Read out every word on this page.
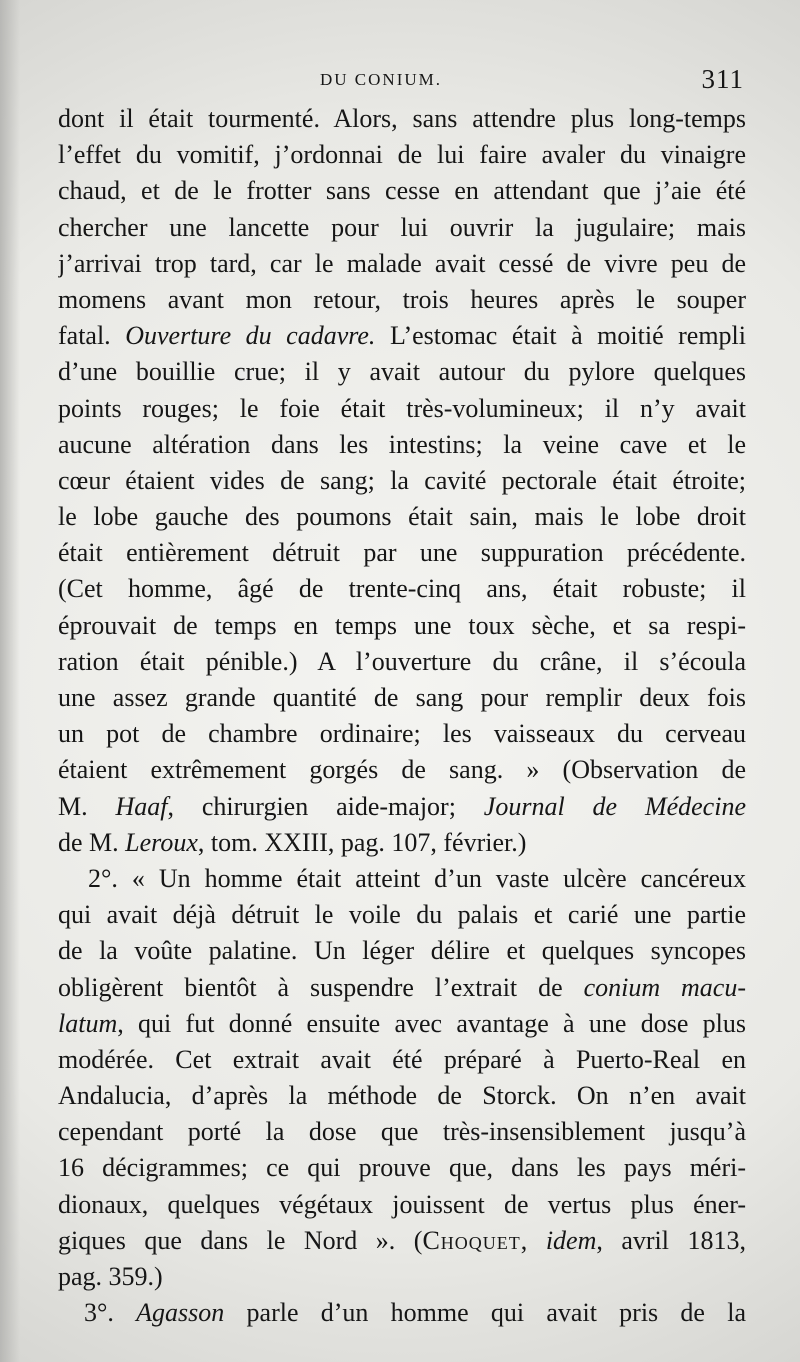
DU CONIUM.	311
dont il était tourmenté. Alors, sans attendre plus long-temps
l’effet du vomitif, j’ordonnai de lui faire avaler du vinaigre
chaud, et de le frotter sans cesse en attendant que j’aie été
chercher une lancette pour lui ouvrir la jugulaire; mais
j’arrivai trop tard, car le malade avait cessé de vivre peu de
momens avant mon retour, trois heures après le souper
fatal. Ouverture du cadavre. L’estomac était à moitié rempli
d’une bouillie crue; il y avait autour du pylore quelques
points rouges; le foie était très-volumineux; il n’y avait
aucune altération dans les intestins; la veine cave et le
cœur étaient vides de sang; la cavité pectorale était étroite;
le lobe gauche des poumons était sain, mais le lobe droit
était entièrement détruit par une suppuration précédente.
(Cet homme, âgé de trente-cinq ans, était robuste; il
éprouvait de temps en temps une toux sèche, et sa respi-
ration était pénible.) A l’ouverture du crâne, il s’écoula
une assez grande quantité de sang pour remplir deux fois
un pot de chambre ordinaire; les vaisseaux du cerveau
étaient extrêmement gorgés de sang. » (Observation de
M. Haaf, chirurgien aide-major; Journal de Médecine
de M. Leroux, tom. XXIII, pag. 107, février.)
2°. « Un homme était atteint d’un vaste ulcère cancéreux
qui avait déjà détruit le voile du palais et carié une partie
de la voûte palatine. Un léger délire et quelques syncopes
obligèrent bientôt à suspendre l’extrait de conium macu-
latum, qui fut donné ensuite avec avantage à une dose plus
modérée. Cet extrait avait été préparé à Puerto-Real en
Andalucia, d’après la méthode de Storck. On n’en avait
cependant porté la dose que très-insensiblement jusqu’à
16 décigrammes; ce qui prouve que, dans les pays méri-
dionaux, quelques végétaux jouissent de vertus plus éner-
giques que dans le Nord ». (Choquet, idem, avril 1813,
pag. 359.)
3°. Agasson parle d’un homme qui avait pris de la
